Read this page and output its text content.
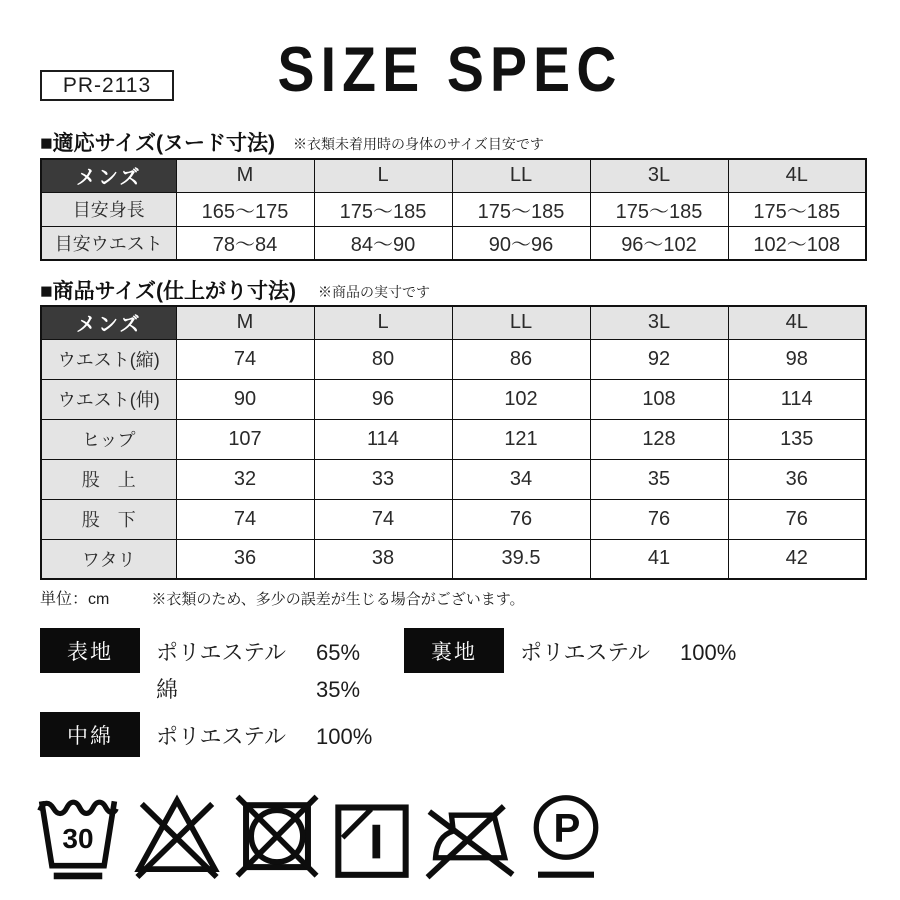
PR-2113	SIZE SPEC
■適応サイズ(ヌード寸法) ※衣類未着用時の身体のサイズ目安です
メンズ	M	L	LL	3L	4L
目安身長	165〜175	175〜185	175〜185	175〜185	175〜185
目安ウエスト	78〜84	84〜90	90〜96	96〜102	102〜108
■商品サイズ(仕上がり寸法) ※商品の実寸です
メンズ	M	L	LL	3L	4L
ウエスト(縮)	74	80	86	92	98
ウエスト(伸)	90	96	102	108	114
ヒップ	107	114	121	128	135
股　上	32	33	34	35	36
股　下	74	74	76	76	76
ワタリ	36	38	39.5	41	42
単位：cm	※衣類のため、多少の誤差が生じる場合がございます。
表地	ポリエステル	65%
綿	35%
裏地	ポリエステル	100%
中綿	ポリエステル	100%
30	P
